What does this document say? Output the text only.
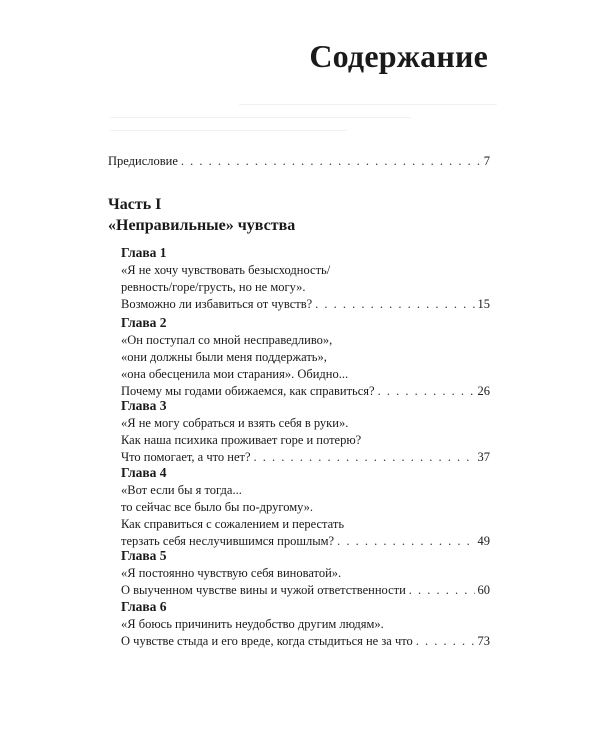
Содержание
Предисловие . . .	7
Часть I
«Неправильные» чувства
Глава 1
«Я не хочу чувствовать безысходность/
ревность/горе/грусть, но не могу».
Возможно ли избавиться от чувств? . . .	15
Глава 2
«Он поступал со мной несправедливо»,
«они должны были меня поддержать»,
«она обесценила мои старания». Обидно...
Почему мы годами обижаемся, как справиться? . . .	26
Глава 3
«Я не могу собраться и взять себя в руки».
Как наша психика проживает горе и потерю?
Что помогает, а что нет? . . .	37
Глава 4
«Вот если бы я тогда...
то сейчас все было бы по-другому».
Как справиться с сожалением и перестать
терзать себя неслучившимся прошлым? . . .	49
Глава 5
«Я постоянно чувствую себя виноватой».
О выученном чувстве вины и чужой ответственности . . .	60
Глава 6
«Я боюсь причинить неудобство другим людям».
О чувстве стыда и его вреде, когда стыдиться не за что . . .	73
